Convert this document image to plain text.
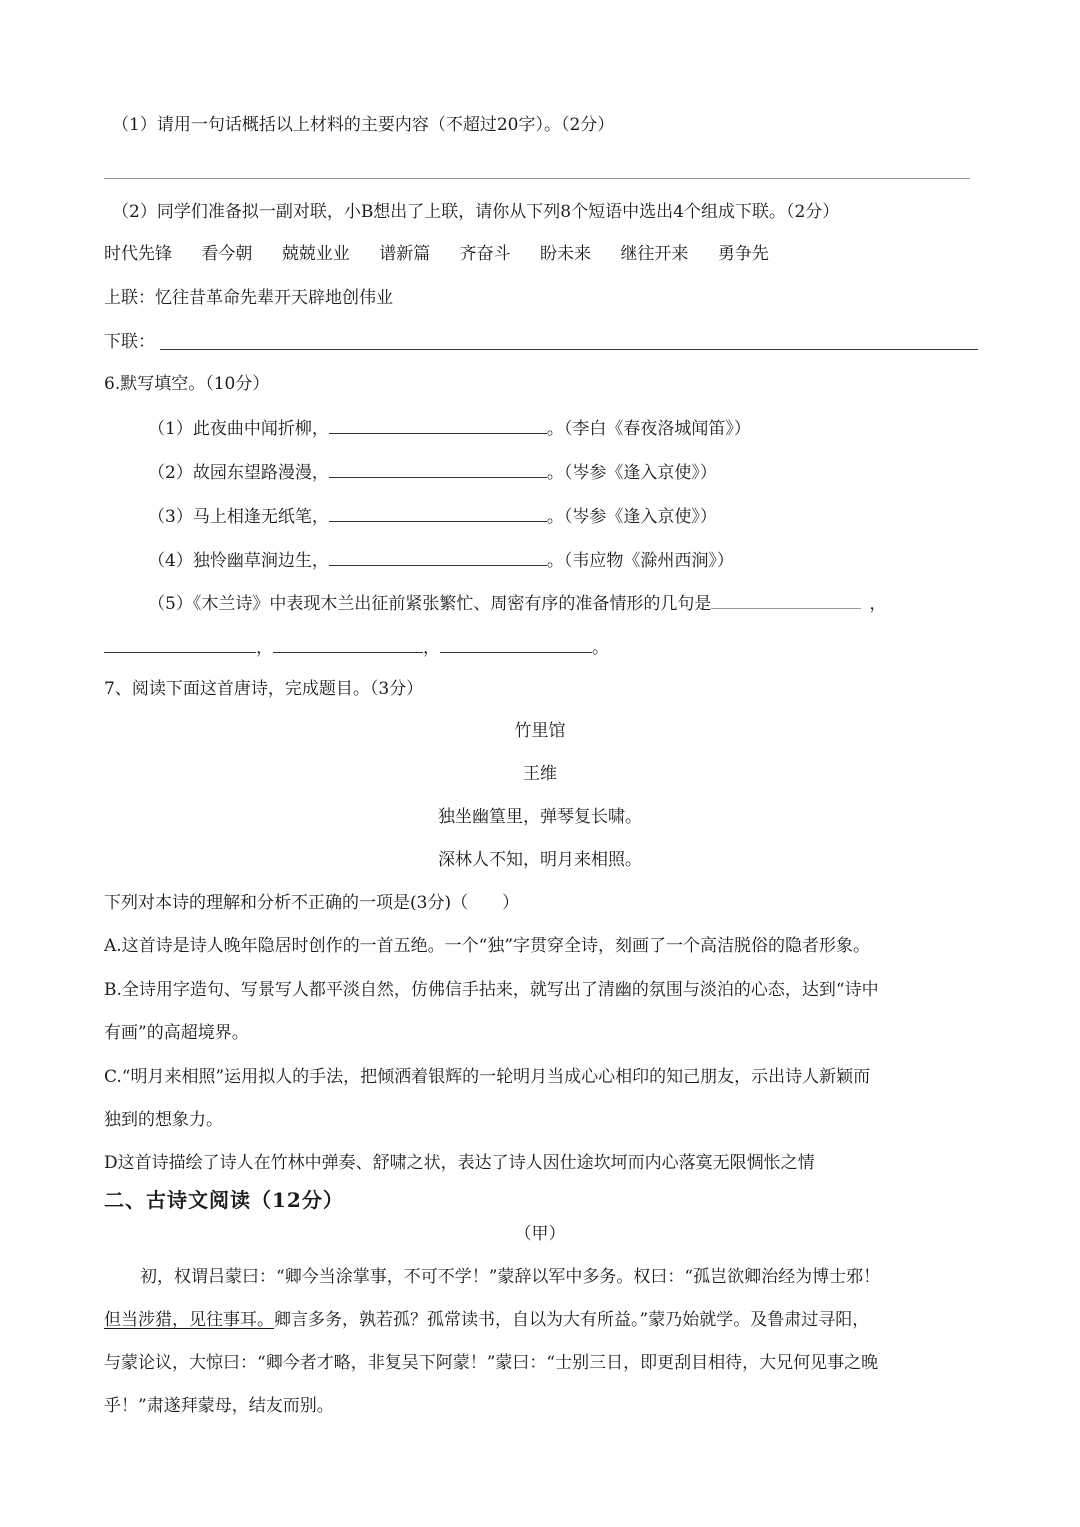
（1）请用一句话概括以上材料的主要内容（不超过20字）。（2分）
（2）同学们准备拟一副对联，小B想出了上联，请你从下列8个短语中选出4个组成下联。（2分）
时代先锋 看今朝 兢兢业业 谱新篇 齐奋斗 盼未来 继往开来 勇争先
上联：忆往昔革命先辈开天辟地创伟业
下联：
6.默写填空。（10分）
（1）此夜曲中闻折柳，	。（李白《春夜洛城闻笛》）
（2）故园东望路漫漫，	。（岑参《逢入京使》）
（3）马上相逢无纸笔，	。（岑参《逢入京使》）
（4）独怜幽草涧边生，	。（韦应物《滁州西涧》）
（5）《木兰诗》中表现木兰出征前紧张繁忙、周密有序的准备情形的几句是	，
，	，	。
7、阅读下面这首唐诗，完成题目。（3分）
竹里馆
王维
独坐幽篁里，弹琴复长啸。
深林人不知，明月来相照。
下列对本诗的理解和分析不正确的一项是(3分)（　　）
A.这首诗是诗人晚年隐居时创作的一首五绝。一个“独”字贯穿全诗，刻画了一个高洁脱俗的隐者形象。
B.全诗用字造句、写景写人都平淡自然，仿佛信手拈来，就写出了清幽的氛围与淡泊的心态，达到“诗中
有画”的高超境界。
C.“明月来相照”运用拟人的手法，把倾洒着银辉的一轮明月当成心心相印的知己朋友，示出诗人新颖而
独到的想象力。
D这首诗描绘了诗人在竹林中弹奏、舒啸之状，表达了诗人因仕途坎坷而内心落寞无限惆怅之情
二、古诗文阅读（12分）
（甲）
初，权谓吕蒙曰：“卿今当涂掌事，不可不学！”蒙辞以军中多务。权曰：“孤岂欲卿治经为博士邪！
但当涉猎，见往事耳。卿言多务，孰若孤？孤常读书，自以为大有所益。”蒙乃始就学。及鲁肃过寻阳，
与蒙论议，大惊曰：“卿今者才略，非复吴下阿蒙！”蒙曰：“士别三日，即更刮目相待，大兄何见事之晚
乎！”肃遂拜蒙母，结友而别。
